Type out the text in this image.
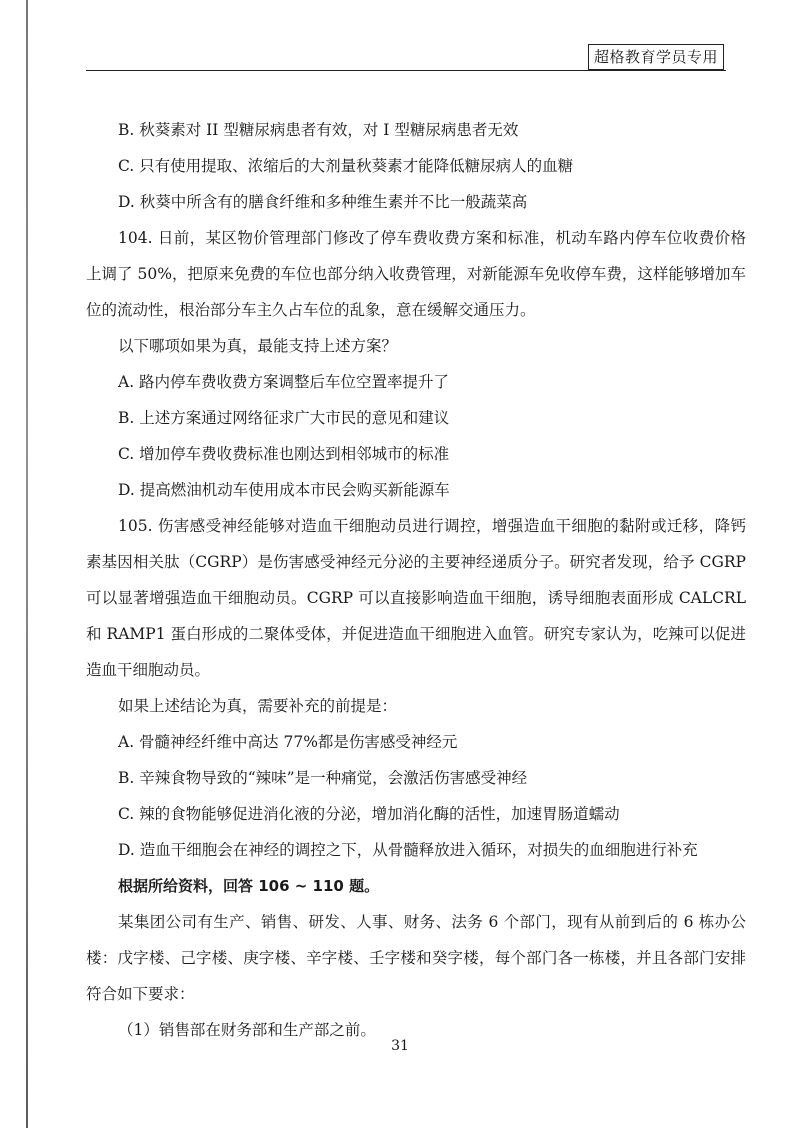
超格教育学员专用

B. 秋葵素对 II 型糖尿病患者有效，对 I 型糖尿病患者无效

C. 只有使用提取、浓缩后的大剂量秋葵素才能降低糖尿病人的血糖

D. 秋葵中所含有的膳食纤维和多种维生素并不比一般蔬菜高

104. 日前，某区物价管理部门修改了停车费收费方案和标准，机动车路内停车位收费价格上调了 50%，把原来免费的车位也部分纳入收费管理，对新能源车免收停车费，这样能够增加车位的流动性，根治部分车主久占车位的乱象，意在缓解交通压力。

以下哪项如果为真，最能支持上述方案？

A. 路内停车费收费方案调整后车位空置率提升了

B. 上述方案通过网络征求广大市民的意见和建议

C. 增加停车费收费标准也刚达到相邻城市的标准

D. 提高燃油机动车使用成本市民会购买新能源车

105. 伤害感受神经能够对造血干细胞动员进行调控，增强造血干细胞的黏附或迁移，降钙素基因相关肽（CGRP）是伤害感受神经元分泌的主要神经递质分子。研究者发现，给予 CGRP 可以显著增强造血干细胞动员。CGRP 可以直接影响造血干细胞，诱导细胞表面形成 CALCRL 和 RAMP1 蛋白形成的二聚体受体，并促进造血干细胞进入血管。研究专家认为，吃辣可以促进造血干细胞动员。

如果上述结论为真，需要补充的前提是：

A. 骨髓神经纤维中高达 77%都是伤害感受神经元

B. 辛辣食物导致的“辣味”是一种痛觉，会激活伤害感受神经

C. 辣的食物能够促进消化液的分泌，增加消化酶的活性，加速胃肠道蠕动

D. 造血干细胞会在神经的调控之下，从骨髓释放进入循环，对损失的血细胞进行补充

根据所给资料，回答 106 ~ 110 题。

某集团公司有生产、销售、研发、人事、财务、法务 6 个部门，现有从前到后的 6 栋办公楼：戊字楼、己字楼、庚字楼、辛字楼、壬字楼和癸字楼，每个部门各一栋楼，并且各部门安排符合如下要求：

（1）销售部在财务部和生产部之前。

31
